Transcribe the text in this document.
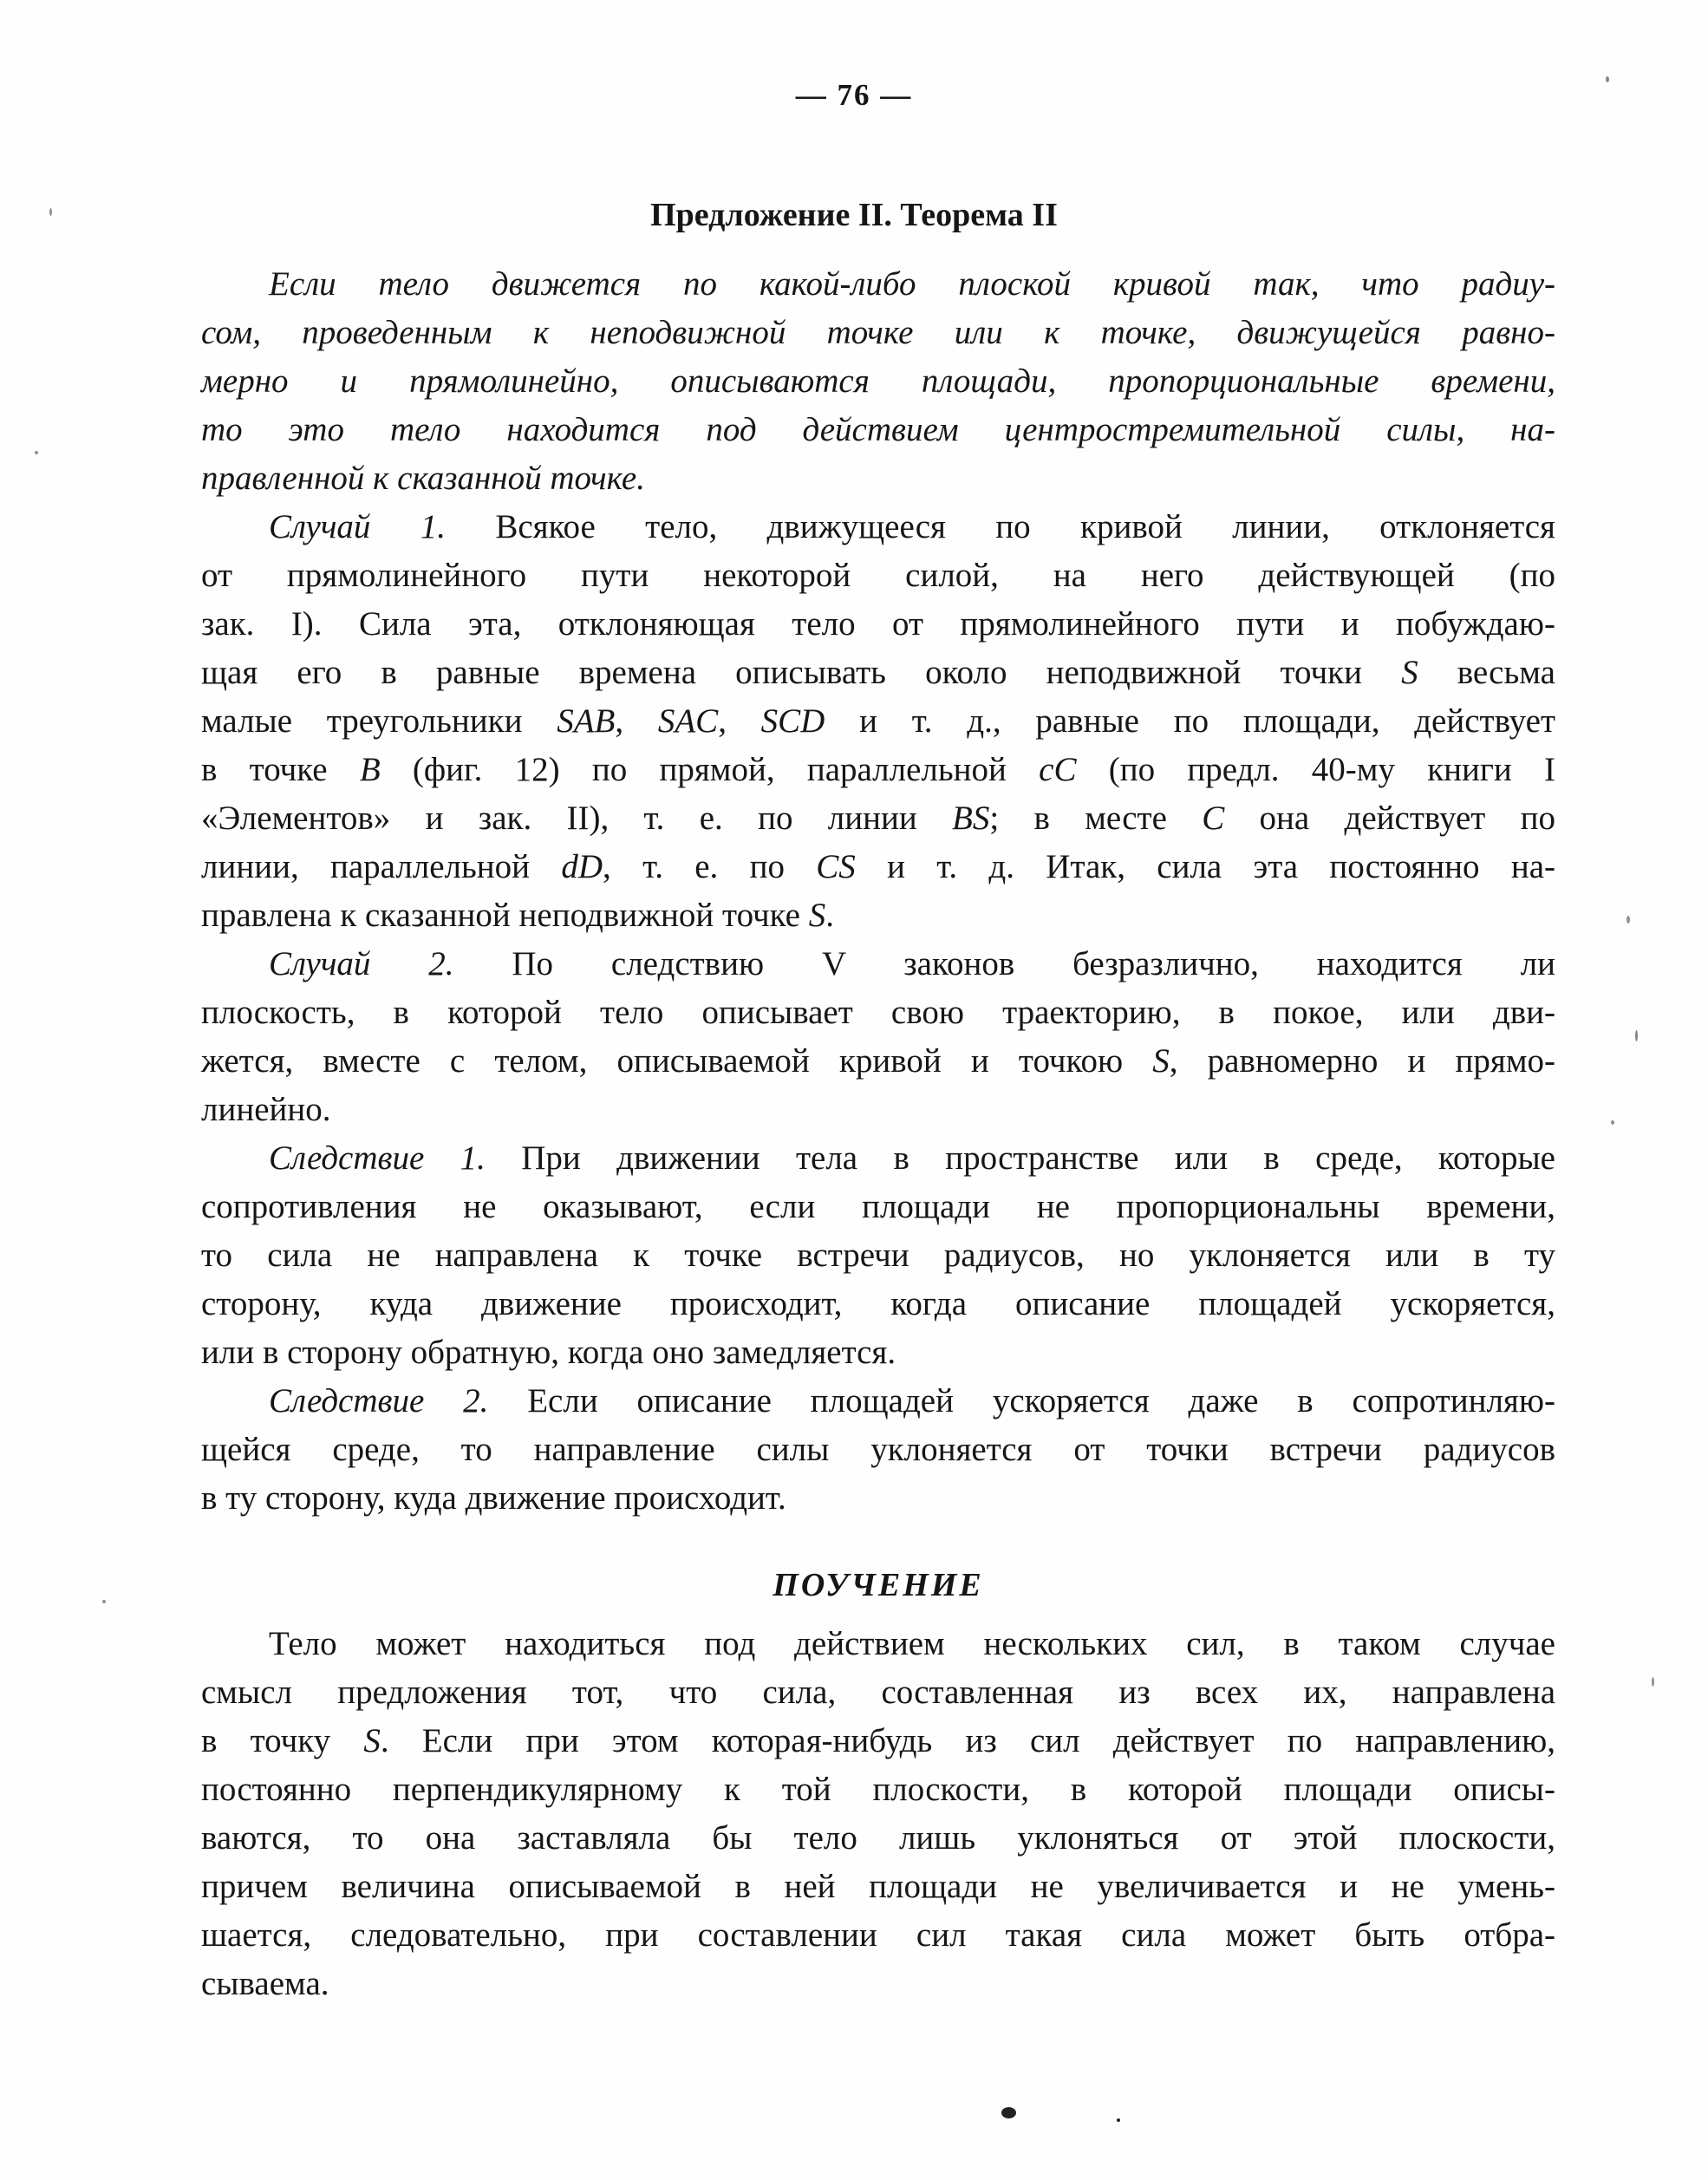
— 76 —
Предложение II. Теорема II
Если тело движется по какой-либо плоской кривой так, что радиу-
сом, проведенным к неподвижной точке или к точке, движущейся равно-
мерно и прямолинейно, описываются площади, пропорциональные времени,
то это тело находится под действием центростремительной силы, на-
правленной к сказанной точке.
Случай 1. Всякое тело, движущееся по кривой линии, отклоняется
от прямолинейного пути некоторой силой, на него действующей (по
зак. I). Сила эта, отклоняющая тело от прямолинейного пути и побуждаю-
щая его в равные времена описывать около неподвижной точки S весьма
малые треугольники SAB, SAC, SCD и т. д., равные по площади, действует
в точке B (фиг. 12) по прямой, параллельной cC (по предл. 40-му книги I
«Элементов» и зак. II), т. е. по линии BS; в месте C она действует по
линии, параллельной dD, т. е. по CS и т. д. Итак, сила эта постоянно на-
правлена к сказанной неподвижной точке S.
Случай 2. По следствию V законов безразлично, находится ли
плоскость, в которой тело описывает свою траекторию, в покое, или дви-
жется, вместе с телом, описываемой кривой и точкою S, равномерно и прямо-
линейно.
Следствие 1. При движении тела в пространстве или в среде, которые
сопротивления не оказывают, если площади не пропорциональны времени,
то сила не направлена к точке встречи радиусов, но уклоняется или в ту
сторону, куда движение происходит, когда описание площадей ускоряется,
или в сторону обратную, когда оно замедляется.
Следствие 2. Если описание площадей ускоряется даже в сопротинляю-
щейся среде, то направление силы уклоняется от точки встречи радиусов
в ту сторону, куда движение происходит.
ПОУЧЕНИЕ
Тело может находиться под действием нескольких сил, в таком случае
смысл предложения тот, что сила, составленная из всех их, направлена
в точку S. Если при этом которая-нибудь из сил действует по направлению,
постоянно перпендикулярному к той плоскости, в которой площади описы-
ваются, то она заставляла бы тело лишь уклоняться от этой плоскости,
причем величина описываемой в ней площади не увеличивается и не умень-
шается, следовательно, при составлении сил такая сила может быть отбра-
сываема.
